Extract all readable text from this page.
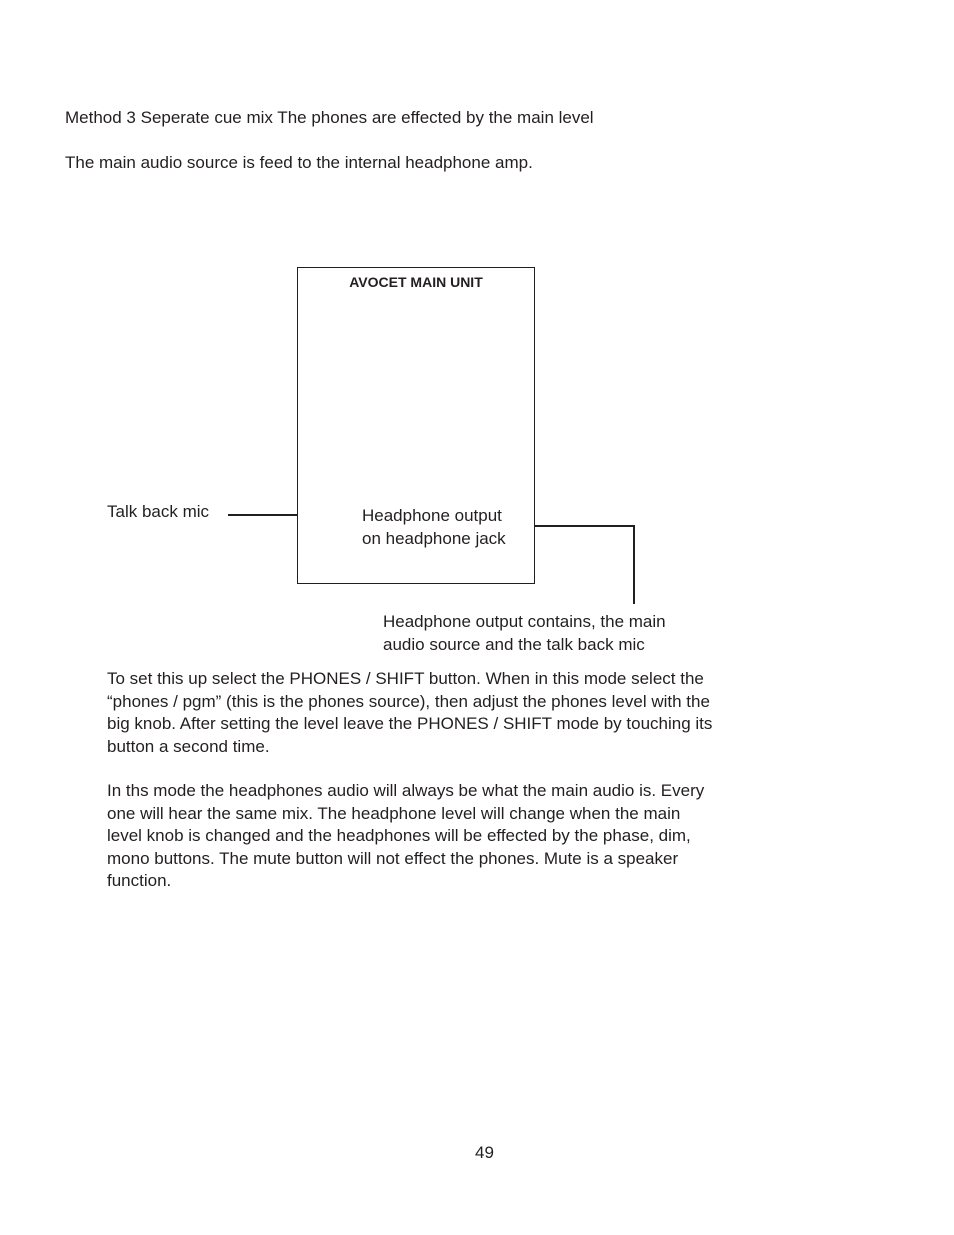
Method 3 Seperate cue mix The phones are effected by the main level

The main audio source is feed to the internal headphone amp.

AVOCET MAIN UNIT

Talk back mic	Headphone output
on headphone jack
Headphone output contains, the main
audio source and the talk back mic
To set this up select the PHONES / SHIFT button. When in this mode select the
“phones / pgm” (this is the phones source), then adjust the phones level with the
big knob. After setting the level leave the PHONES / SHIFT mode by touching its
button a second time.
In ths mode the headphones audio will always be what the main audio is. Every
one will hear the same mix. The headphone level will change when the main
level knob is changed and the headphones will be effected by the phase, dim,
mono buttons. The mute button will not effect the phones. Mute is a speaker
function.

49
